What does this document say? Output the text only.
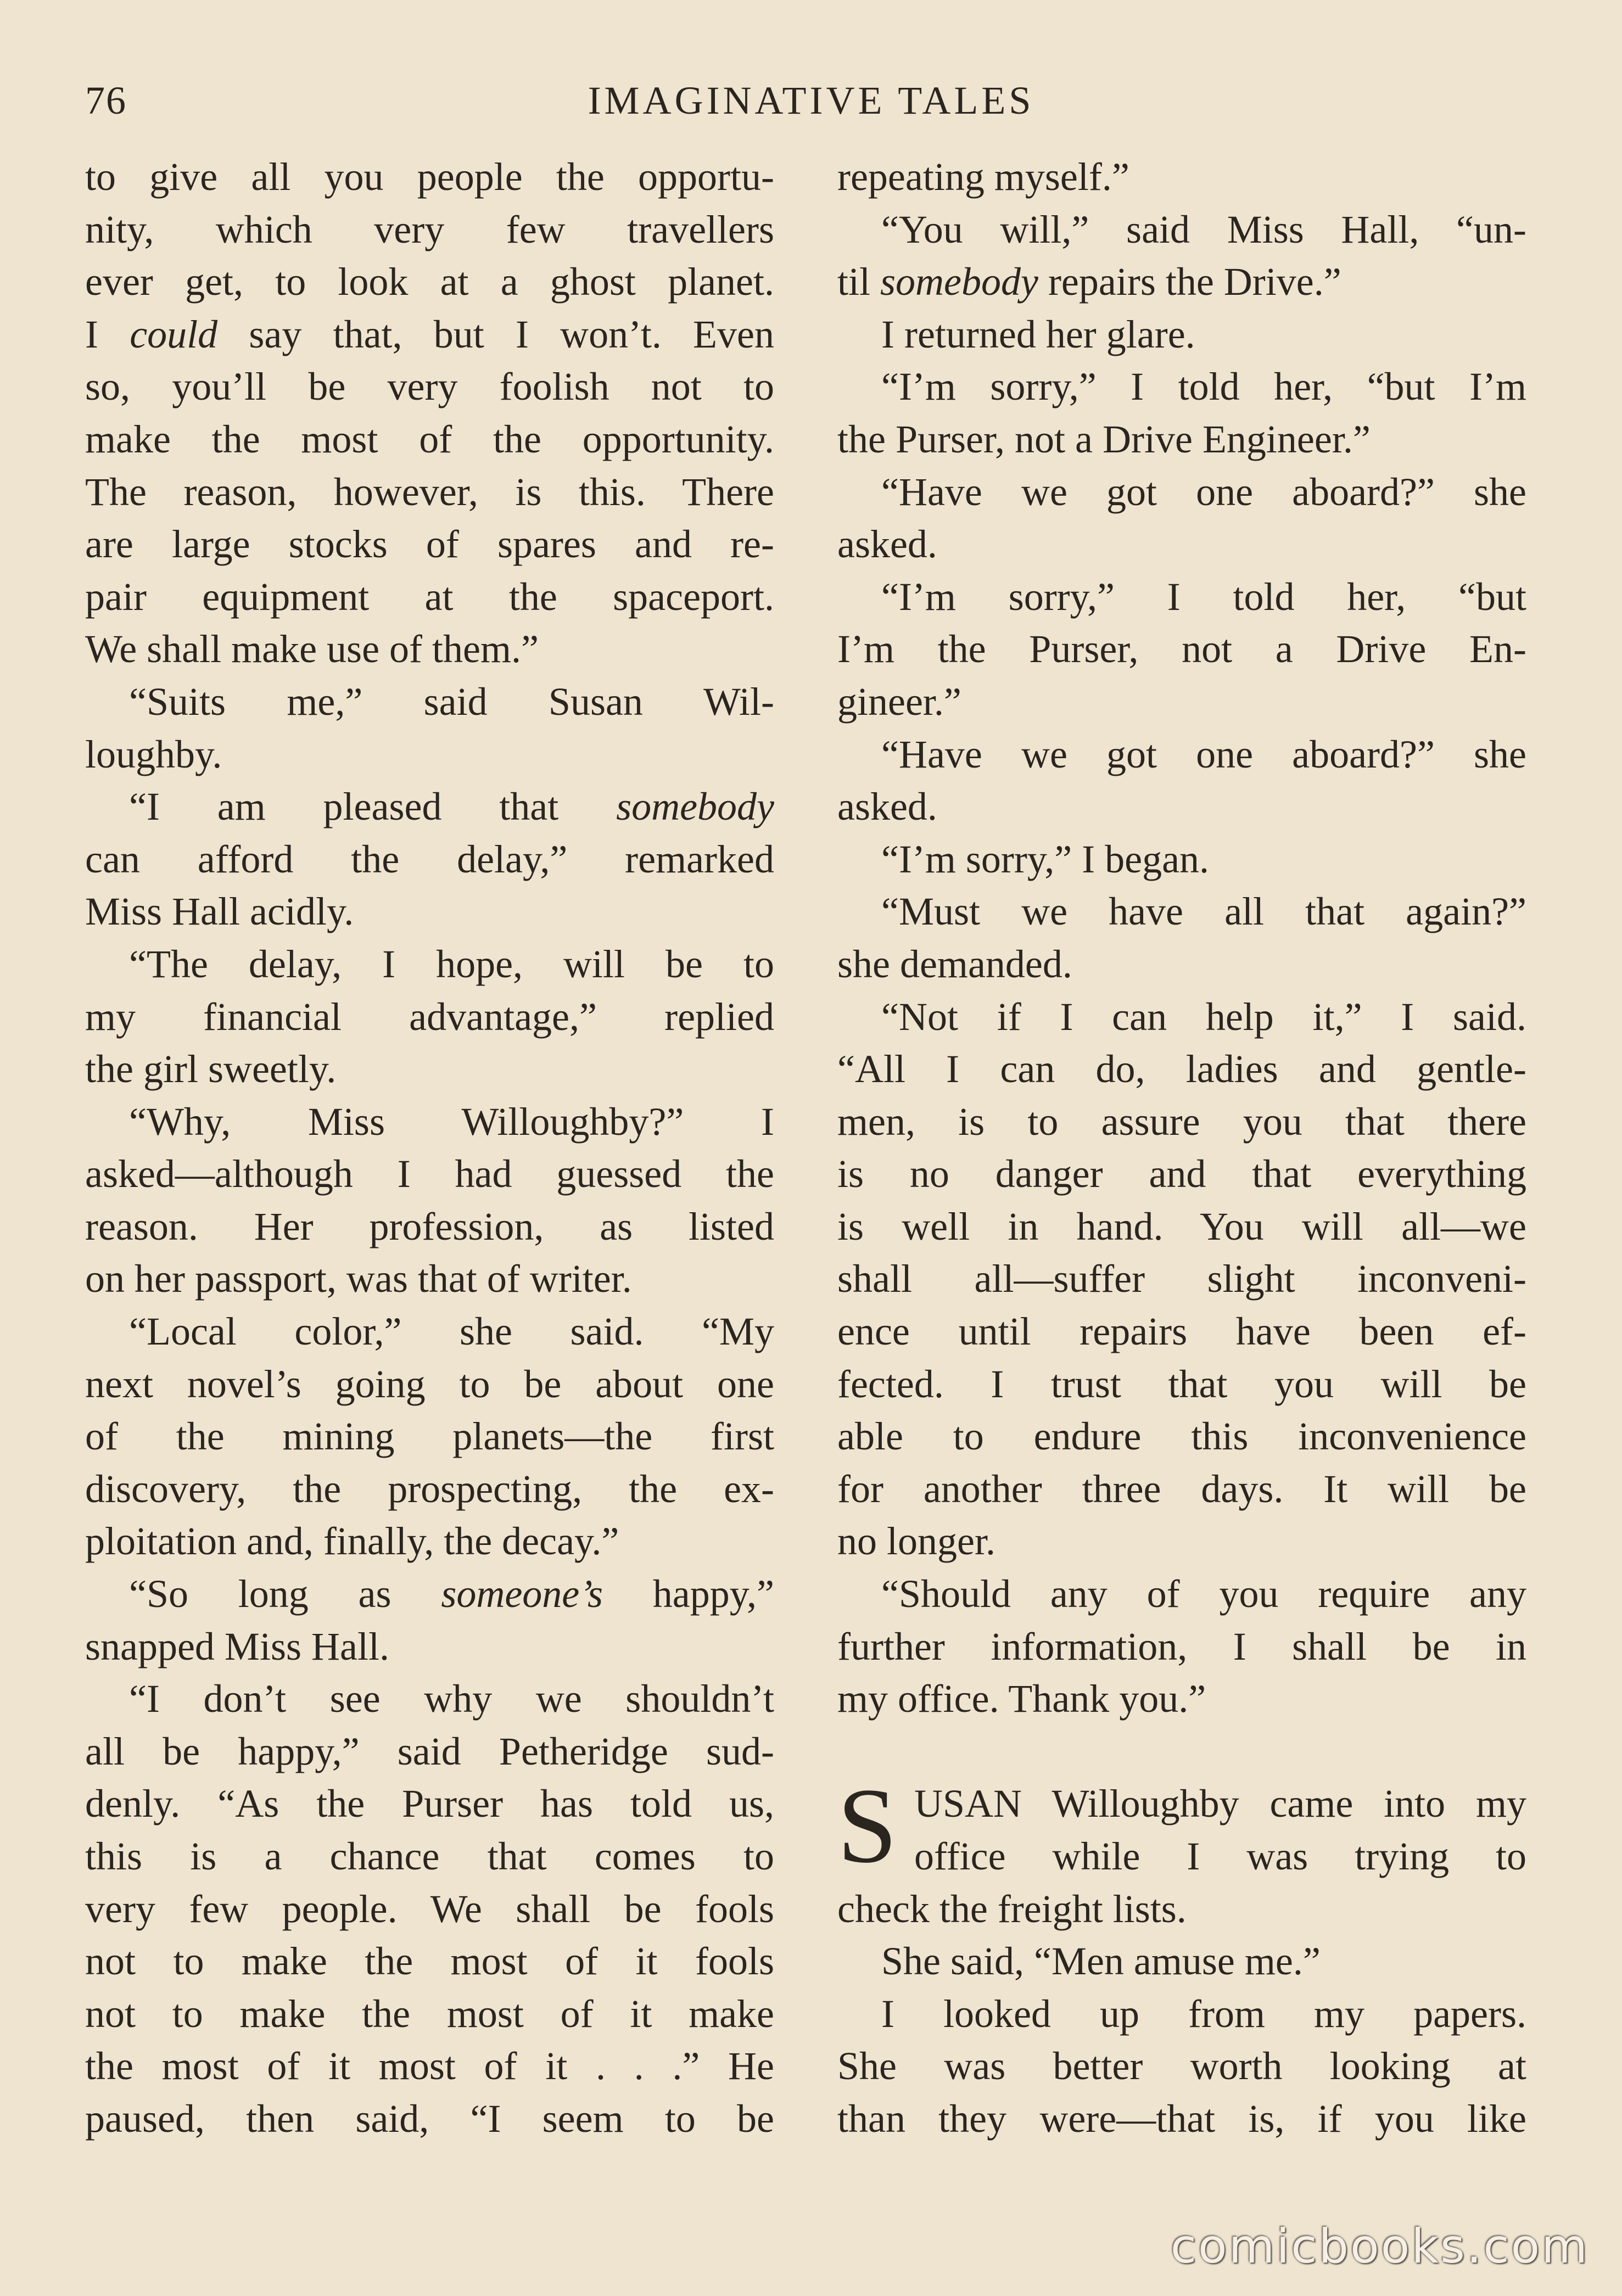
76	IMAGINATIVE TALES
to give all you people the opportu-
nity, which very few travellers
ever get, to look at a ghost planet.
I could say that, but I won’t. Even
so, you’ll be very foolish not to
make the most of the opportunity.
The reason, however, is this. There
are large stocks of spares and re-
pair equipment at the spaceport.
We shall make use of them.”
“Suits me,” said Susan Wil-
loughby.
“I am pleased that somebody
can afford the delay,” remarked
Miss Hall acidly.
“The delay, I hope, will be to
my financial advantage,” replied
the girl sweetly.
“Why, Miss Willoughby?” I
asked—although I had guessed the
reason. Her profession, as listed
on her passport, was that of writer.
“Local color,” she said. “My
next novel’s going to be about one
of the mining planets—the first
discovery, the prospecting, the ex-
ploitation and, finally, the decay.”
“So long as someone’s happy,”
snapped Miss Hall.
“I don’t see why we shouldn’t
all be happy,” said Petheridge sud-
denly. “As the Purser has told us,
this is a chance that comes to
very few people. We shall be fools
not to make the most of it fools
not to make the most of it make
the most of it most of it . . .” He
paused, then said, “I seem to be
repeating myself.”
“You will,” said Miss Hall, “un-
til somebody repairs the Drive.”
I returned her glare.
“I’m sorry,” I told her, “but I’m
the Purser, not a Drive Engineer.”
“Have we got one aboard?” she
asked.
“I’m sorry,” I told her, “but
I’m the Purser, not a Drive En-
gineer.”
“Have we got one aboard?” she
asked.
“I’m sorry,” I began.
“Must we have all that again?”
she demanded.
“Not if I can help it,” I said.
“All I can do, ladies and gentle-
men, is to assure you that there
is no danger and that everything
is well in hand. You will all—we
shall all—suffer slight inconveni-
ence until repairs have been ef-
fected. I trust that you will be
able to endure this inconvenience
for another three days. It will be
no longer.
“Should any of you require any
further information, I shall be in
my office. Thank you.”
USAN Willoughby came into my
S office while I was trying to
check the freight lists.
She said, “Men amuse me.”
I looked up from my papers.
She was better worth looking at
than they were—that is, if you like
comicbooks.com
